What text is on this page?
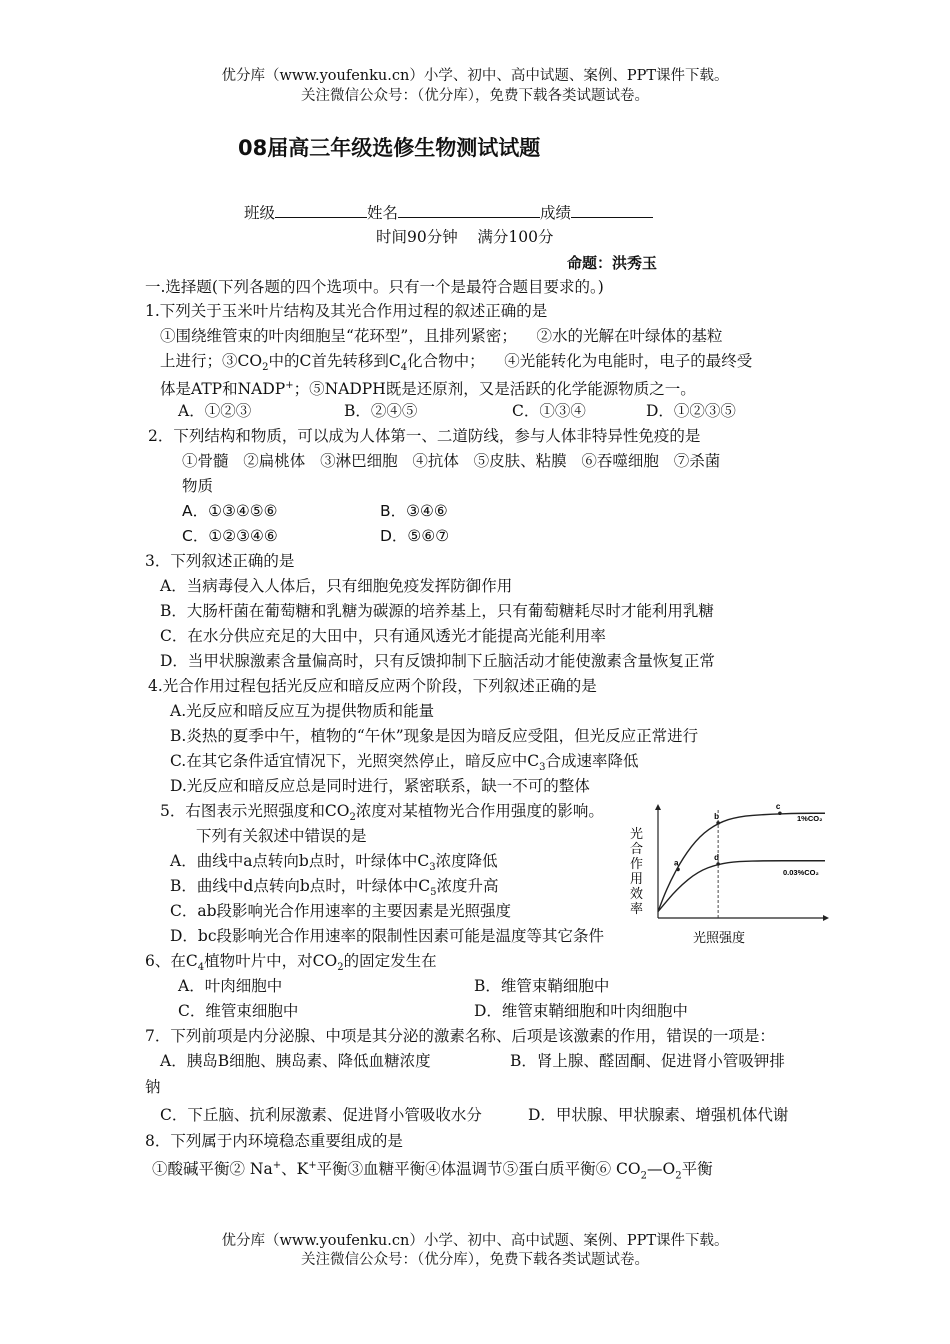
优分库（www.youfenku.cn）小学、初中、高中试题、案例、PPT课件下载。
关注微信公众号：（优分库），免费下载各类试题试卷。
08届高三年级选修生物测试试题
班级	姓名	成绩
时间90分钟    满分100分
命题：洪秀玉
一.选择题(下列各题的四个选项中。只有一个是最符合题目要求的。)
1.下列关于玉米叶片结构及其光合作用过程的叙述正确的是
①围绕维管束的叶肉细胞呈“花环型”，且排列紧密；    ②水的光解在叶绿体的基粒
上进行；$③CO_2$中的C首先转移到$C_4$化合物中；    ④光能转化为电能时，电子的最终受
体是ATP和NADP+；⑤NADPH既是还原剂，又是活跃的化学能源物质之一。
A．①②③	B．②④⑤	C．①③④	D．①②③⑤
2．下列结构和物质，可以成为人体第一、二道防线，参与人体非特异性免疫的是
①骨髓   ②扁桃体   ③淋巴细胞   ④抗体   ⑤皮肤、粘膜   ⑥吞噬细胞   ⑦杀菌
物质
A．①③④⑤⑥	B．③④⑥
C．①②③④⑥	D．⑤⑥⑦
3．下列叙述正确的是
A．当病毒侵入人体后，只有细胞免疫发挥防御作用
B．大肠杆菌在葡萄糖和乳糖为碳源的培养基上，只有葡萄糖耗尽时才能利用乳糖
C．在水分供应充足的大田中，只有通风透光才能提高光能利用率
D．当甲状腺激素含量偏高时，只有反馈抑制下丘脑活动才能使激素含量恢复正常
4.光合作用过程包括光反应和暗反应两个阶段，下列叙述正确的是
A.光反应和暗反应互为提供物质和能量
B.炎热的夏季中午，植物的“午休”现象是因为暗反应受阻，但光反应正常进行
C.在其它条件适宜情况下，光照突然停止，暗反应中$C_3$合成速率降低
D.光反应和暗反应总是同时进行，紧密联系，缺一不可的整体
5．右图表示光照强度和$CO_2$浓度对某植物光合作用强度的影响。
下列有关叙述中错误的是
A．曲线中a点转向b点时，叶绿体中$C_3$浓度降低
B．曲线中d点转向b点时，叶绿体中$C_5$浓度升高
C．ab段影响光合作用速率的主要因素是光照强度
D．bc段影响光合作用速率的限制性因素可能是温度等其它条件
光
合
作
用
效
率
a
b
c
d
1%CO₂
0.03%CO₂
光照强度
6、在$C_4$植物叶片中，对$CO_2$的固定发生在
A．叶肉细胞中	B．维管束鞘细胞中
C．维管束细胞中	D．维管束鞘细胞和叶肉细胞中
7．下列前项是内分泌腺、中项是其分泌的激素名称、后项是该激素的作用，错误的一项是：
A．胰岛B细胞、胰岛素、降低血糖浓度	B．肾上腺、醛固酮、促进肾小管吸钾排
钠
C．下丘脑、抗利尿激素、促进肾小管吸收水分	D．甲状腺、甲状腺素、增强机体代谢
8．下列属于内环境稳态重要组成的是
①酸碱平衡② Na+、K+平衡③血糖平衡④体温调节⑤蛋白质平衡⑥ $CO_2—O_2$平衡
优分库（www.youfenku.cn）小学、初中、高中试题、案例、PPT课件下载。
关注微信公众号：（优分库），免费下载各类试题试卷。
